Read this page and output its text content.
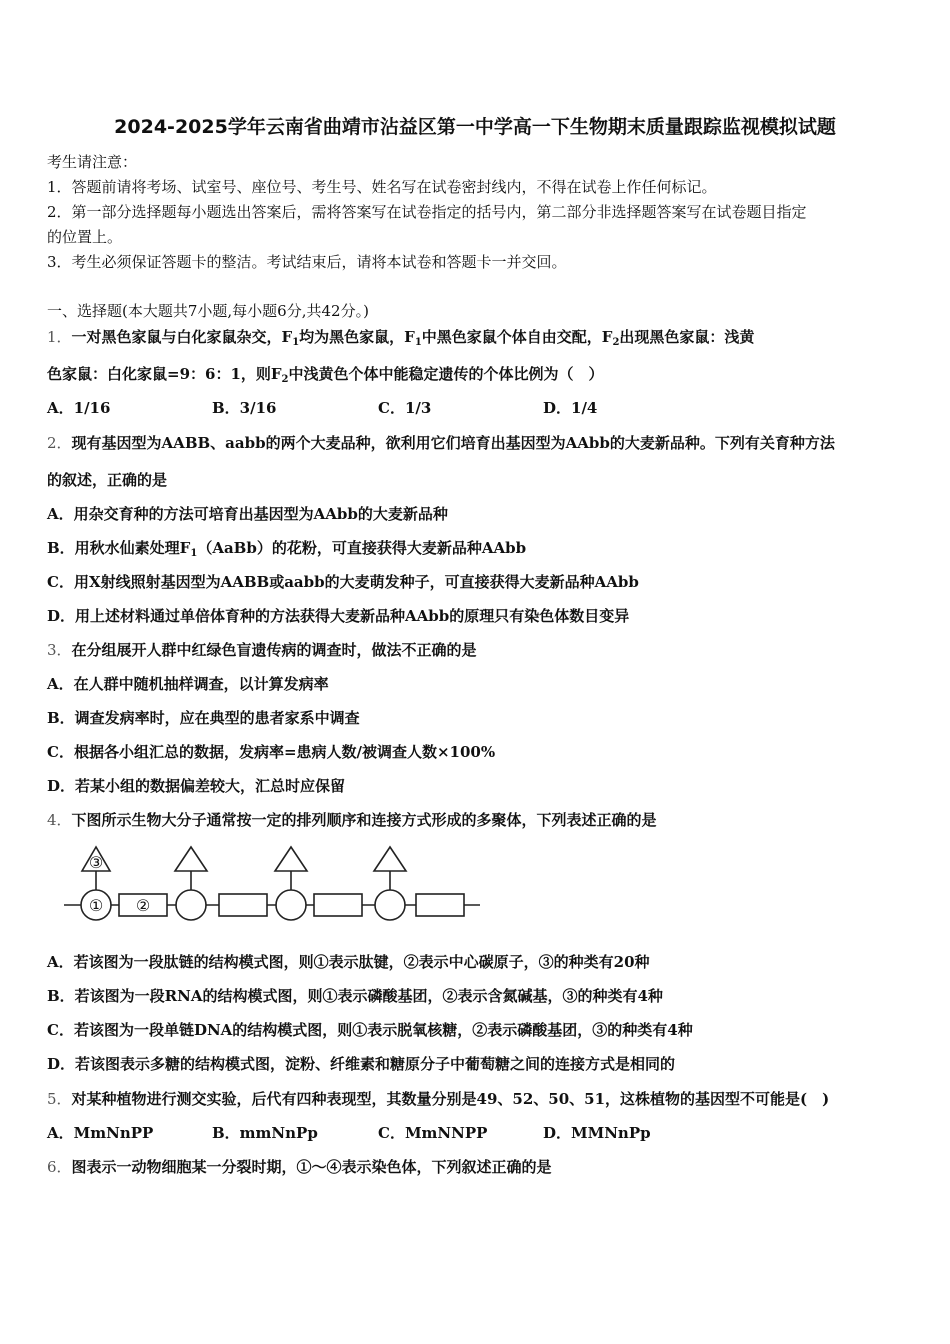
2024-2025学年云南省曲靖市沾益区第一中学高一下生物期末质量跟踪监视模拟试题
考生请注意：
1．答题前请将考场、试室号、座位号、考生号、姓名写在试卷密封线内，不得在试卷上作任何标记。
2．第一部分选择题每小题选出答案后，需将答案写在试卷指定的括号内，第二部分非选择题答案写在试卷题目指定
的位置上。
3．考生必须保证答题卡的整洁。考试结束后，请将本试卷和答题卡一并交回。
一、选择题(本大题共7小题,每小题6分,共42分。)
1．一对黑色家鼠与白化家鼠杂交，$F_1$均为黑色家鼠，$F_1$中黑色家鼠个体自由交配，$F_2$出现黑色家鼠：浅黄
色家鼠：白化家鼠=9：6：1，则$F_2$中浅黄色个体中能稳定遗传的个体比例为（　）
A．1/16	B．3/16	C．1/3	D．1/4
2．现有基因型为AABB、aabb的两个大麦品种，欲利用它们培育出基因型为AAbb的大麦新品种。下列有关育种方法
的叙述，正确的是
A．用杂交育种的方法可培育出基因型为AAbb的大麦新品种
B．用秋水仙素处理$F_1(AaBb)$的花粉，可直接获得大麦新品种AAbb
C．用X射线照射基因型为AABB或aabb的大麦萌发种子，可直接获得大麦新品种AAbb
D．用上述材料通过单倍体育种的方法获得大麦新品种AAbb的原理只有染色体数目变异
3．在分组展开人群中红绿色盲遗传病的调查时，做法不正确的是
A．在人群中随机抽样调查，以计算发病率
B．调查发病率时，应在典型的患者家系中调查
C．根据各小组汇总的数据，发病率=患病人数/被调查人数×100%
D．若某小组的数据偏差较大，汇总时应保留
4．下图所示生物大分子通常按一定的排列顺序和连接方式形成的多聚体，下列表述正确的是
③
① ②
A．若该图为一段肽链的结构模式图，则①表示肽键，②表示中心碳原子，③的种类有20种
B．若该图为一段RNA的结构模式图，则①表示磷酸基团，②表示含氮碱基，③的种类有4种
C．若该图为一段单链DNA的结构模式图，则①表示脱氧核糖，②表示磷酸基团，③的种类有4种
D．若该图表示多糖的结构模式图，淀粉、纤维素和糖原分子中葡萄糖之间的连接方式是相同的
5．对某种植物进行测交实验，后代有四种表现型，其数量分别是49、52、50、51，这株植物的基因型不可能是(　)
A．MmNnPP	B．mmNnPp	C．MmNNPP	D．MMNnPp
6．图表示一动物细胞某一分裂时期，①～④表示染色体，下列叙述正确的是
